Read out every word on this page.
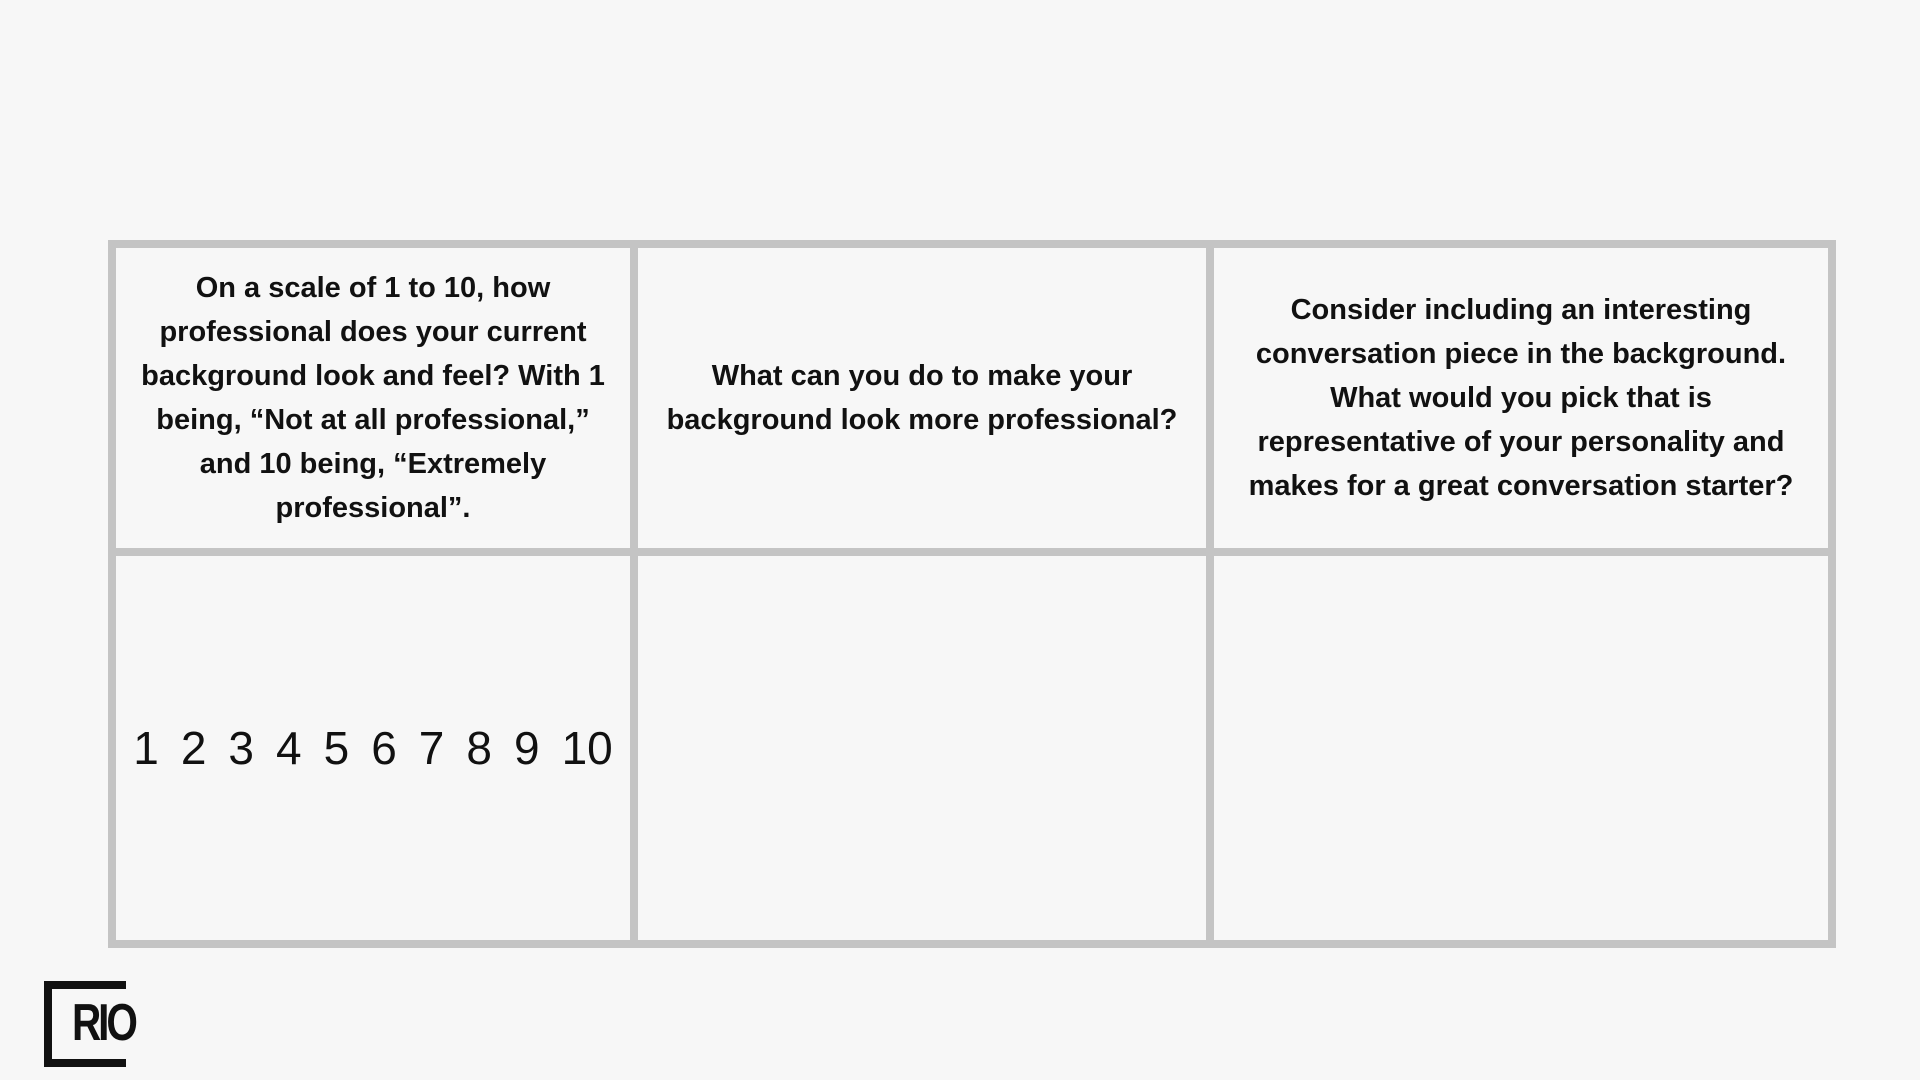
On a scale of 1 to 10, how professional does your current background look and feel? With 1 being, “Not at all professional,” and 10 being, “Extremely professional”.
What can you do to make your background look more professional?
Consider including an interesting conversation piece in the background. What would you pick that is representative of your personality and makes for a great conversation starter?
1 2 3 4 5 6 7 8 9 10
RIO
